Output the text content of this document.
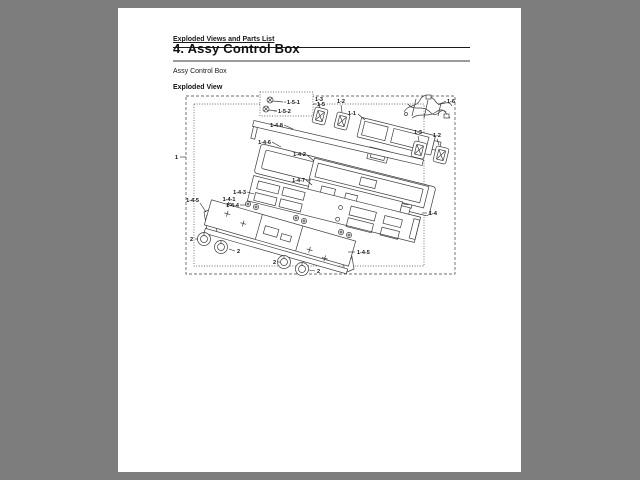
Exploded Views and Parts List
4. Assy Control Box
Assy Control Box
Exploded View
1
1-4
1-5
1-5-1
1-5-2
1-3	1-2
1-1
1-6
1-3 1-2
1-4-8
1-4-6
1-4-2
1-4-7
1-4-3
1-4-4
1-4-5	1-4-1
1-4-5
2
2
2
2
